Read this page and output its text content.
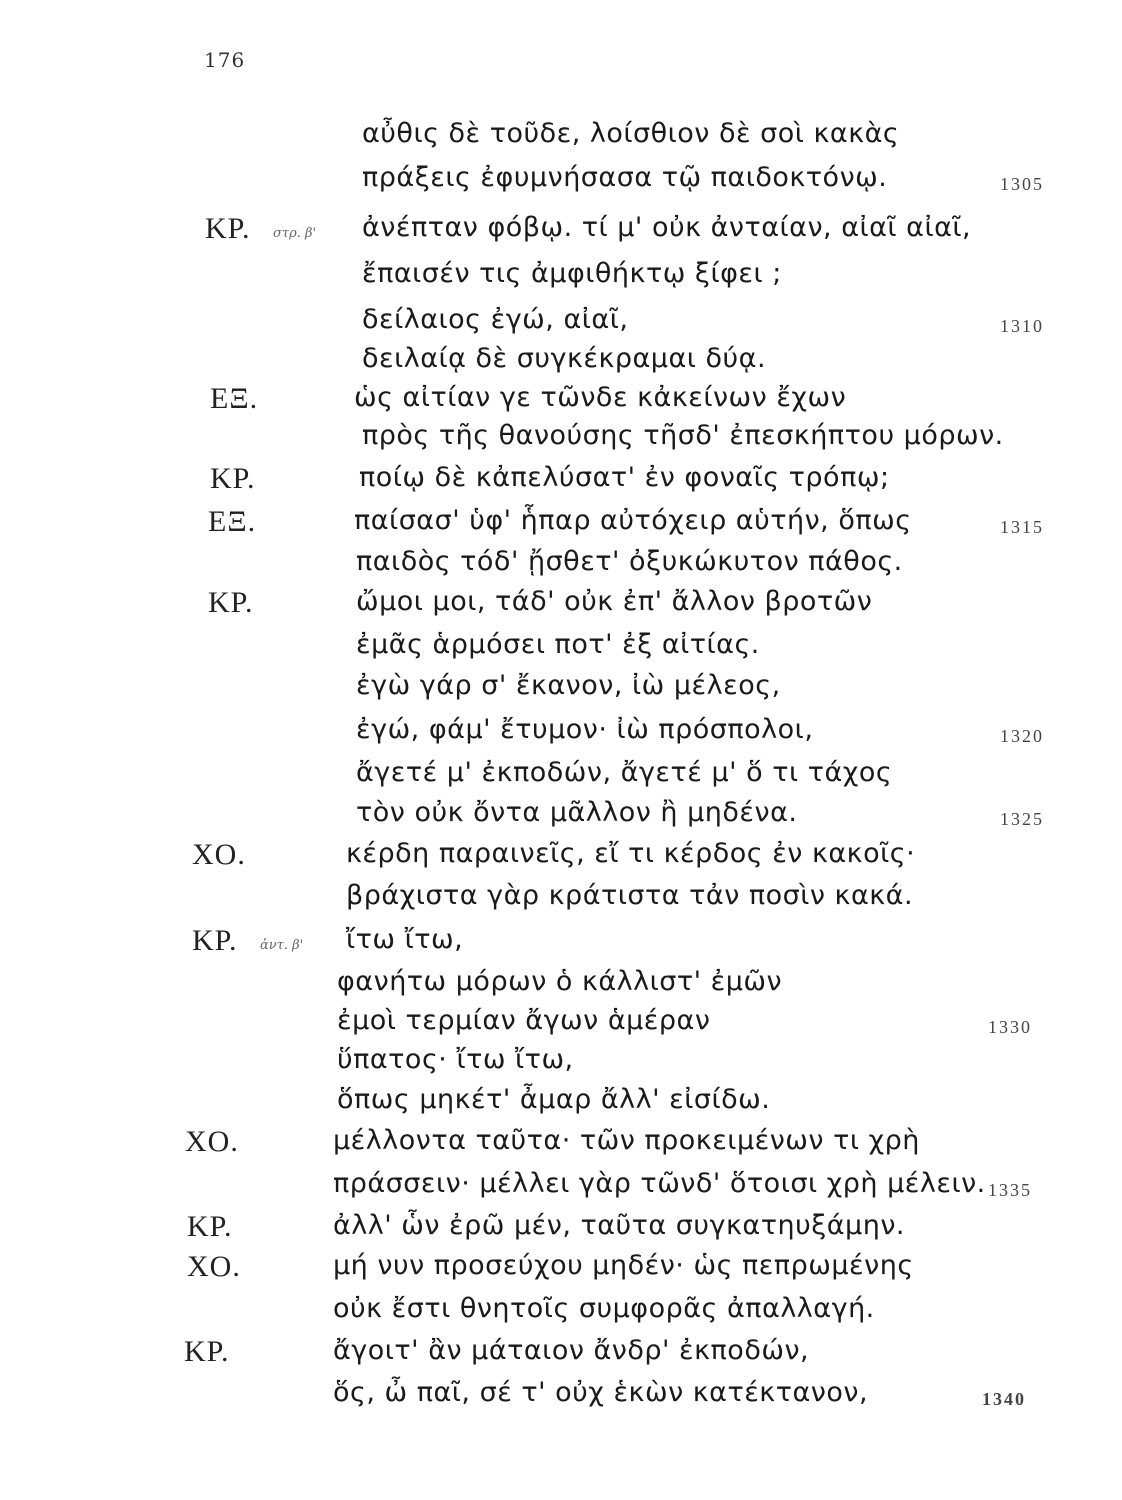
176
αὖθις δὲ τοῦδε, λοίσθιον δὲ σοὶ κακὰς
πράξεις ἐφυμνήσασα τῷ παιδοκτόνῳ.	1305
ΚΡ. στρ. β' ἀνέπταν φόβῳ. τί μ' οὐκ ἀνταίαν, αἰαῖ αἰαῖ,
ἔπαισέν τις ἀμφιθήκτῳ ξίφει ;
δείλαιος ἐγώ, αἰαῖ,	1310
δειλαίᾳ δὲ συγκέκραμαι δύᾳ.
ΕΞ.	ὡς αἰτίαν γε τῶνδε κἀκείνων ἔχων
πρὸς τῆς θανούσης τῆσδ' ἐπεσκήπτου μόρων.
ΚΡ.	ποίῳ δὲ κἀπελύσατ' ἐν φοναῖς τρόπῳ;
ΕΞ.	παίσασ' ὑφ' ἧπαρ αὐτόχειρ αὑτήν, ὅπως	1315
παιδὸς τόδ' ᾔσθετ' ὀξυκώκυτον πάθος.
ΚΡ.	ὤμοι μοι, τάδ' οὐκ ἐπ' ἄλλον βροτῶν
ἐμᾶς ἁρμόσει ποτ' ἐξ αἰτίας.
ἐγὼ γάρ σ' ἔκανον, ἰὼ μέλεος,
ἐγώ, φάμ' ἔτυμον· ἰὼ πρόσπολοι,	1320
ἄγετέ μ' ἐκποδών, ἄγετέ μ' ὅ τι τάχος
τὸν οὐκ ὄντα μᾶλλον ἢ μηδένα.	1325
ΧΟ.	κέρδη παραινεῖς, εἴ τι κέρδος ἐν κακοῖς·
βράχιστα γὰρ κράτιστα τἀν ποσὶν κακά.
ΚΡ. ἀντ. β' ἴτω ἴτω,
φανήτω μόρων ὁ κάλλιστ' ἐμῶν
ἐμοὶ τερμίαν ἄγων ἁμέραν	1330
ὕπατος· ἴτω ἴτω,
ὅπως μηκέτ' ἆμαρ ἄλλ' εἰσίδω.
ΧΟ.	μέλλοντα ταῦτα· τῶν προκειμένων τι χρὴ
πράσσειν· μέλλει γὰρ τῶνδ' ὅτοισι χρὴ μέλειν. 1335
ΚΡ.	ἀλλ' ὧν ἐρῶ μέν, ταῦτα συγκατηυξάμην.
ΧΟ.	μή νυν προσεύχου μηδέν· ὡς πεπρωμένης
οὐκ ἔστι θνητοῖς συμφορᾶς ἀπαλλαγή.
ΚΡ.	ἄγοιτ' ἂν μάταιον ἄνδρ' ἐκποδών,
ὅς, ὦ παῖ, σέ τ' οὐχ ἑκὼν κατέκτανον,	1340
